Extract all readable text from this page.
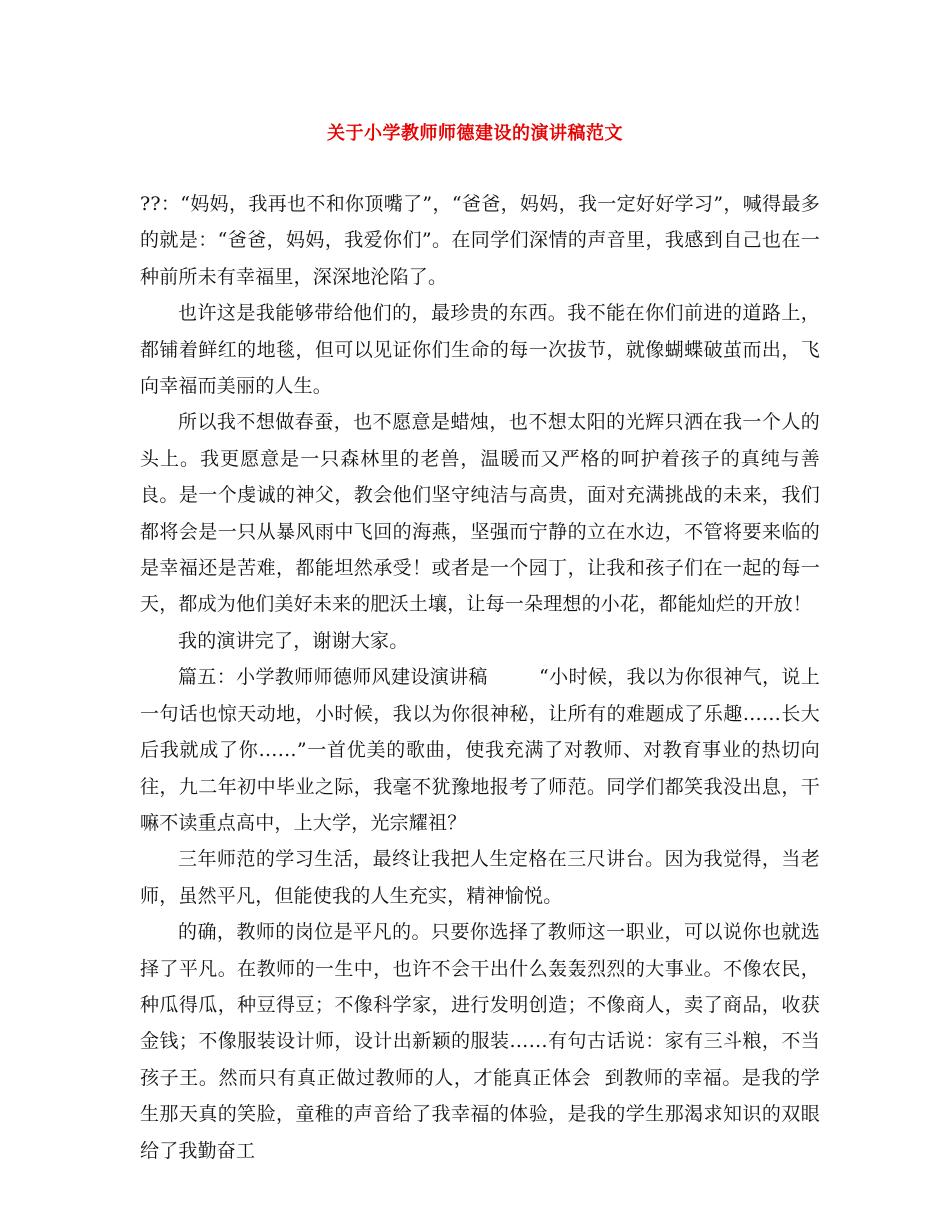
关于小学教师师德建设的演讲稿范文

??：“妈妈，我再也不和你顶嘴了”，“爸爸，妈妈，我一定好好学习”，喊得最多的就是：“爸爸，妈妈，我爱你们”。在同学们深情的声音里，我感到自己也在一种前所未有幸福里，深深地沦陷了。

也许这是我能够带给他们的，最珍贵的东西。我不能在你们前进的道路上，都铺着鲜红的地毯，但可以见证你们生命的每一次拔节，就像蝴蝶破茧而出，飞向幸福而美丽的人生。

所以我不想做春蚕，也不愿意是蜡烛，也不想太阳的光辉只洒在我一个人的头上。我更愿意是一只森林里的老兽，温暖而又严格的呵护着孩子的真纯与善良。是一个虔诚的神父，教会他们坚守纯洁与高贵，面对充满挑战的未来，我们都将会是一只从暴风雨中飞回的海燕，坚强而宁静的立在水边，不管将要来临的是幸福还是苦难，都能坦然承受！或者是一个园丁，让我和孩子们在一起的每一天，都成为他们美好未来的肥沃土壤，让每一朵理想的小花，都能灿烂的开放！

我的演讲完了，谢谢大家。

篇五：小学教师师德师风建设演讲稿	“小时候，我以为你很神气，说上一句话也惊天动地，小时候，我以为你很神秘，让所有的难题成了乐趣……长大后我就成了你……”一首优美的歌曲，使我充满了对教师、对教育事业的热切向往，九二年初中毕业之际，我毫不犹豫地报考了师范。同学们都笑我没出息，干嘛不读重点高中，上大学，光宗耀祖？

三年师范的学习生活，最终让我把人生定格在三尺讲台。因为我觉得，当老师，虽然平凡，但能使我的人生充实，精神愉悦。

的确，教师的岗位是平凡的。只要你选择了教师这一职业，可以说你也就选择了平凡。在教师的一生中，也许不会干出什么轰轰烈烈的大事业。不像农民，种瓜得瓜，种豆得豆；不像科学家，进行发明创造；不像商人，卖了商品，收获金钱；不像服装设计师，设计出新颖的服装……有句古话说：家有三斗粮，不当孩子王。然而只有真正做过教师的人，才能真正体会 到教师的幸福。是我的学生那天真的笑脸，童稚的声音给了我幸福的体验，是我的学生那渴求知识的双眼给了我勤奋工
